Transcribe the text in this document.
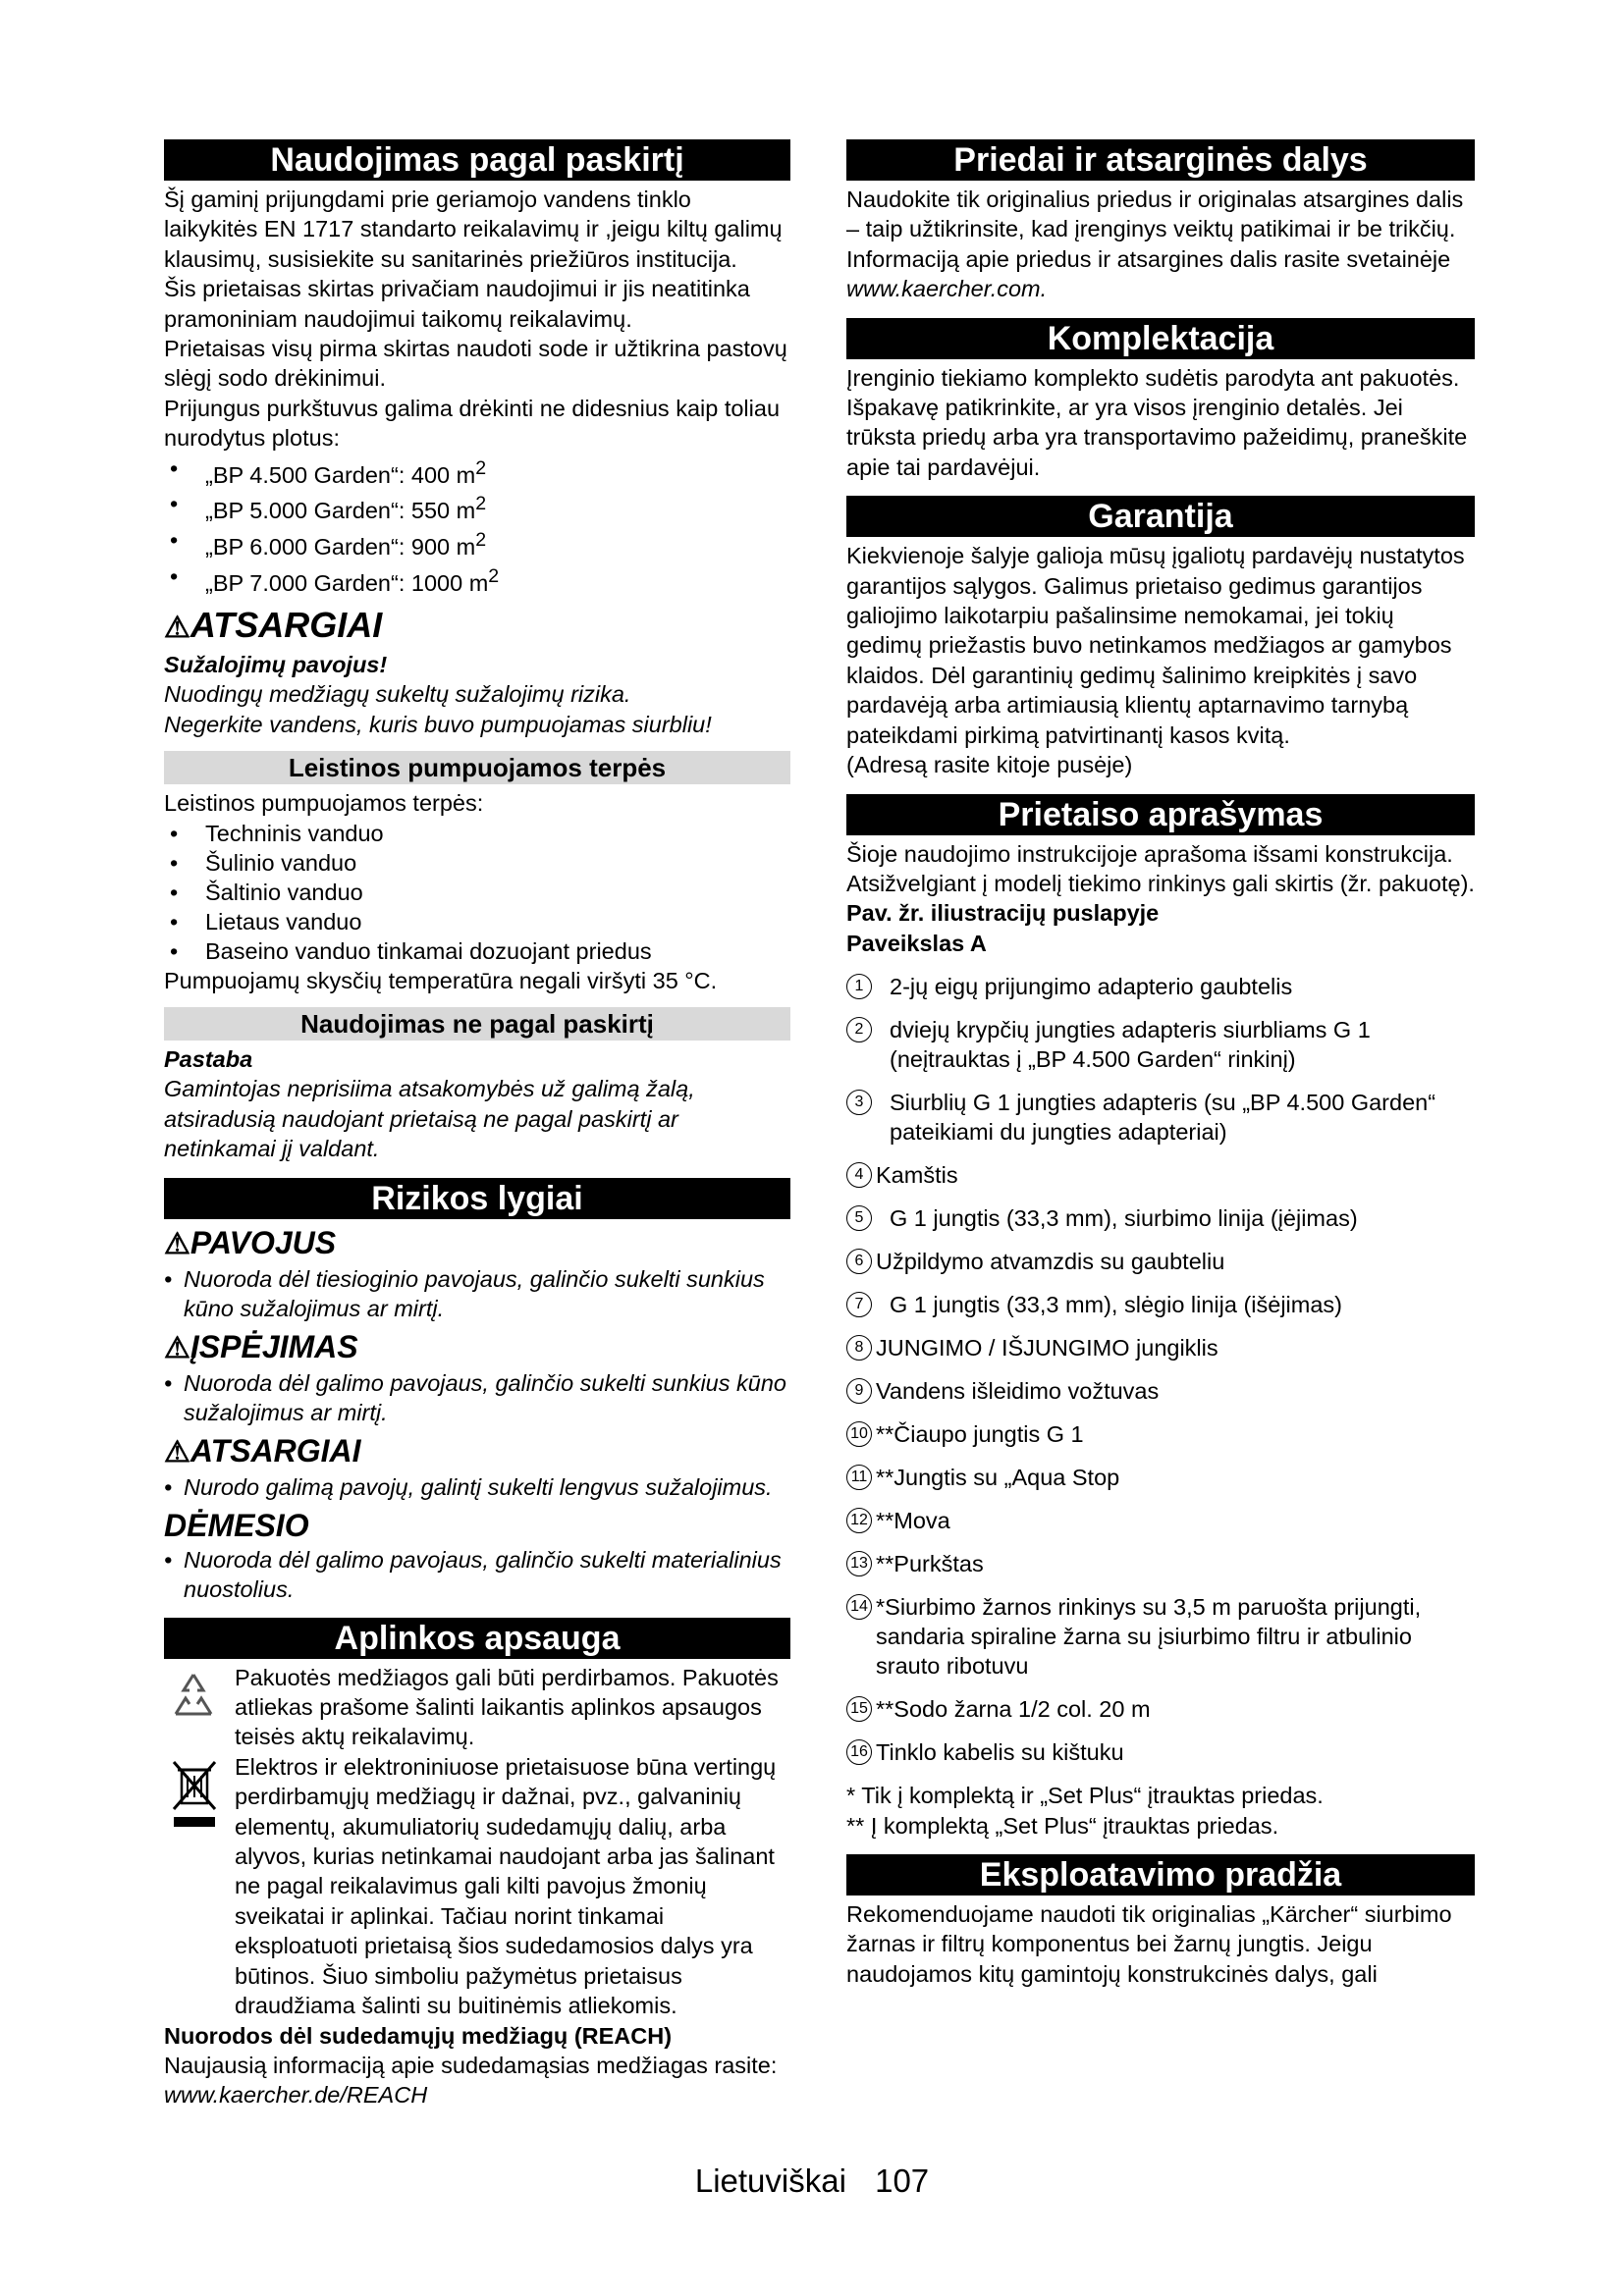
Naudojimas pagal paskirtį

Šį gaminį prijungdami prie geriamojo vandens tinklo laikykitės EN 1717 standarto reikalavimų ir ,jeigu kiltų galimų klausimų, susisiekite su sanitarinės priežiūros institucija.

Šis prietaisas skirtas privačiam naudojimui ir jis neatitinka pramoniniam naudojimui taikomų reikalavimų.

Prietaisas visų pirma skirtas naudoti sode ir užtikrina pastovų slėgį sodo drėkinimui.

Prijungus purkštuvus galima drėkinti ne didesnius kaip toliau nurodytus plotus:

• „BP 4.500 Garden“: 400 $m^2$
• „BP 5.000 Garden“: 550 $m^2$
• „BP 6.000 Garden“: 900 $m^2$
• „BP 7.000 Garden“: 1000 $m^2$
⚠ATSARGIAI

Sužalojimų pavojus!

Nuodingų medžiagų sukeltų sužalojimų rizika.

Negerkite vandens, kuris buvo pumpuojamas siurbliu!

Leistinos pumpuojamos terpės

Leistinos pumpuojamos terpės:

• Techninis vanduo
• Šulinio vanduo
• Šaltinio vanduo
• Lietaus vanduo
• Baseino vanduo tinkamai dozuojant priedus

Pumpuojamų skysčių temperatūra negali viršyti 35 °C.

Naudojimas ne pagal paskirtį

Pastaba

Gamintojas neprisiima atsakomybės už galimą žalą, atsiradusią naudojant prietaisą ne pagal paskirtį ar netinkamai jį valdant.

Rizikos lygiai
⚠PAVOJUS
• Nuoroda dėl tiesioginio pavojaus, galinčio sukelti sunkius kūno sužalojimus ar mirtį.
⚠ĮSPĖJIMAS
• Nuoroda dėl galimo pavojaus, galinčio sukelti sunkius kūno sužalojimus ar mirtį.
⚠ATSARGIAI
• Nurodo galimą pavojų, galintį sukelti lengvus sužalojimus.
DĖMESIO
• Nuoroda dėl galimo pavojaus, galinčio sukelti materialinius nuostolius.
Aplinkos apsauga

Pakuotės medžiagos gali būti perdirbamos. Pakuotės atliekas prašome šalinti laikantis aplinkos apsaugos teisės aktų reikalavimų.

Elektros ir elektroniniuose prietaisuose būna vertingų perdirbamųjų medžiagų ir dažnai, pvz., galvaninių elementų, akumuliatorių sudedamųjų dalių, arba alyvos, kurias netinkamai naudojant arba jas šalinant ne pagal reikalavimus gali kilti pavojus žmonių sveikatai ir aplinkai. Tačiau norint tinkamai eksploatuoti prietaisą šios sudedamosios dalys yra būtinos. Šiuo simboliu pažymėtus prietaisus draudžiama šalinti su buitinėmis atliekomis.

Nuorodos dėl sudedamųjų medžiagų (REACH)

Naujausią informaciją apie sudedamąsias medžiagas rasite: www.kaercher.de/REACH

Priedai ir atsarginės dalys

Naudokite tik originalius priedus ir originalas atsargines dalis – taip užtikrinsite, kad įrenginys veiktų patikimai ir be trikčių.

Informaciją apie priedus ir atsargines dalis rasite svetainėje www.kaercher.com.

Komplektacija

Įrenginio tiekiamo komplekto sudėtis parodyta ant pakuotės. Išpakavę patikrinkite, ar yra visos įrenginio detalės. Jei trūksta priedų arba yra transportavimo pažeidimų, praneškite apie tai pardavėjui.

Garantija

Kiekvienoje šalyje galioja mūsų įgaliotų pardavėjų nustatytos garantijos sąlygos. Galimus prietaiso gedimus garantijos galiojimo laikotarpiu pašalinsime nemokamai, jei tokių gedimų priežastis buvo netinkamos medžiagos ar gamybos klaidos. Dėl garantinių gedimų šalinimo kreipkitės į savo pardavėją arba artimiausią klientų aptarnavimo tarnybą pateikdami pirkimą patvirtinantį kasos kvitą.

(Adresą rasite kitoje pusėje)

Prietaiso aprašymas

Šioje naudojimo instrukcijoje aprašoma išsami konstrukcija. Atsižvelgiant į modelį tiekimo rinkinys gali skirtis (žr. pakuotę).

Pav. žr. iliustracijų puslapyje

Paveikslas A

1	2-jų eigų prijungimo adapterio gaubtelis
2	dviejų krypčių jungties adapteris siurbliams G 1 (neįtrauktas į „BP 4.500 Garden“ rinkinį)
3	Siurblių G 1 jungties adapteris (su „BP 4.500 Garden“ pateikiami du jungties adapteriai)
4 Kamštis
5	G 1 jungtis (33,3 mm), siurbimo linija (įėjimas)
6 Užpildymo atvamzdis su gaubteliu
7	G 1 jungtis (33,3 mm), slėgio linija (išėjimas)
8 JUNGIMO / IŠJUNGIMO jungiklis
9 Vandens išleidimo vožtuvas
10 **Čiaupo jungtis G 1
11 **Jungtis su „Aqua Stop
12 **Mova
13 **Purkštas
14 *Siurbimo žarnos rinkinys su 3,5 m paruošta prijungti, sandaria spiraline žarna su įsiurbimo filtru ir atbulinio srauto ribotuvu
15 **Sodo žarna 1/2 col. 20 m
16 Tinklo kabelis su kištuku

* Tik į komplektą ir „Set Plus“ įtrauktas priedas.

** Į komplektą „Set Plus“ įtrauktas priedas.

Eksploatavimo pradžia

Rekomenduojame naudoti tik originalias „Kärcher“ siurbimo žarnas ir filtrų komponentus bei žarnų jungtis. Jeigu naudojamos kitų gamintojų konstrukcinės dalys, gali

Lietuviškai 107
